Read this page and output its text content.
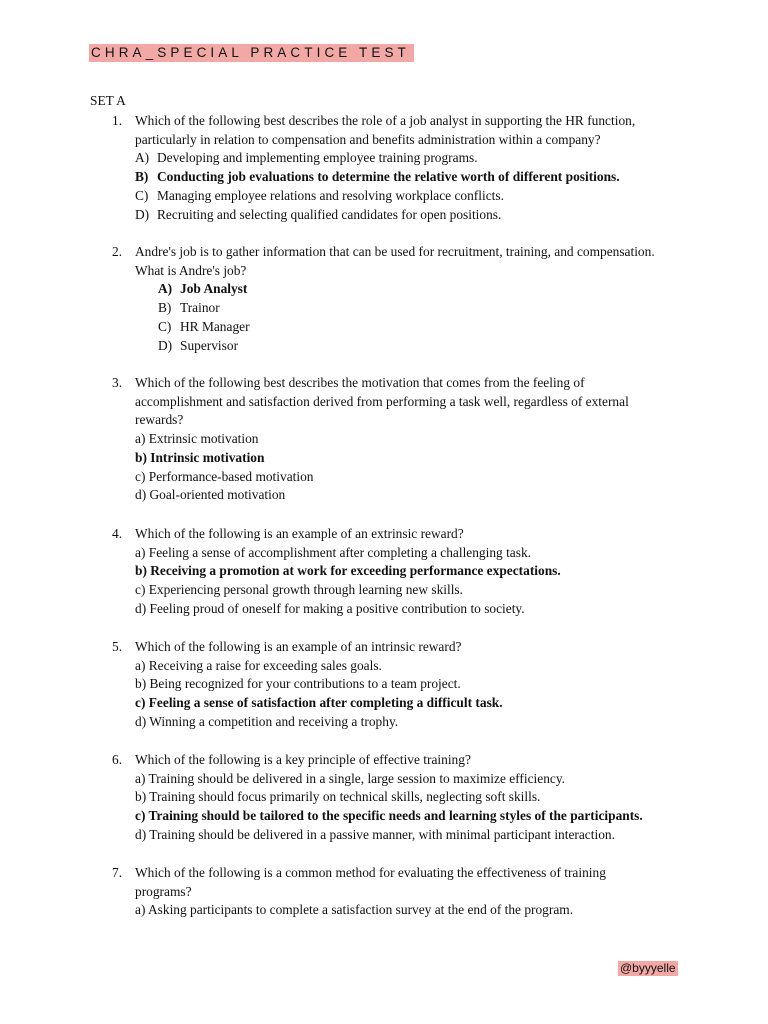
CHRA_SPECIAL PRACTICE TEST
SET A
1. Which of the following best describes the role of a job analyst in supporting the HR function,
particularly in relation to compensation and benefits administration within a company?
A) Developing and implementing employee training programs.
B) Conducting job evaluations to determine the relative worth of different positions.
C) Managing employee relations and resolving workplace conflicts.
D) Recruiting and selecting qualified candidates for open positions.
2. Andre's job is to gather information that can be used for recruitment, training, and compensation.
What is Andre's job?
A) Job Analyst
B) Trainor
C) HR Manager
D) Supervisor
3. Which of the following best describes the motivation that comes from the feeling of
accomplishment and satisfaction derived from performing a task well, regardless of external
rewards?
a) Extrinsic motivation
b) Intrinsic motivation
c) Performance-based motivation
d) Goal-oriented motivation
4. Which of the following is an example of an extrinsic reward?
a) Feeling a sense of accomplishment after completing a challenging task.
b) Receiving a promotion at work for exceeding performance expectations.
c) Experiencing personal growth through learning new skills.
d) Feeling proud of oneself for making a positive contribution to society.
5. Which of the following is an example of an intrinsic reward?
a) Receiving a raise for exceeding sales goals.
b) Being recognized for your contributions to a team project.
c) Feeling a sense of satisfaction after completing a difficult task.
d) Winning a competition and receiving a trophy.
6. Which of the following is a key principle of effective training?
a) Training should be delivered in a single, large session to maximize efficiency.
b) Training should focus primarily on technical skills, neglecting soft skills.
c) Training should be tailored to the specific needs and learning styles of the participants.
d) Training should be delivered in a passive manner, with minimal participant interaction.
7. Which of the following is a common method for evaluating the effectiveness of training
programs?
a) Asking participants to complete a satisfaction survey at the end of the program.
@byyyelle
